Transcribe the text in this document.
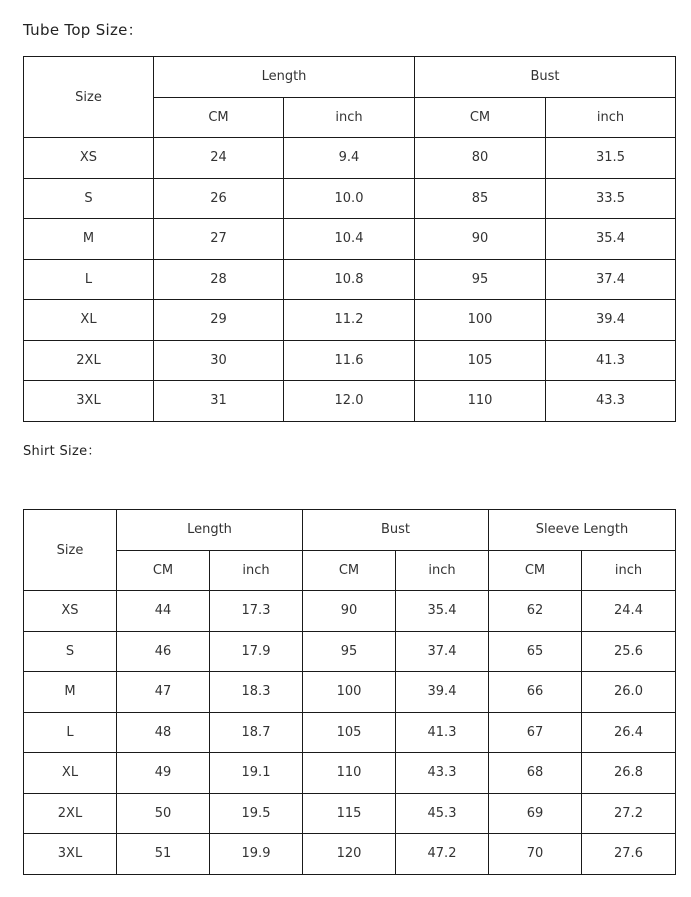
Tube Top Size：
Size	Length		Bust	
	CM	inch	CM	inch
XS	24	9.4	80	31.5
S	26	10.0	85	33.5
M	27	10.4	90	35.4
L	28	10.8	95	37.4
XL	29	11.2	100	39.4
2XL	30	11.6	105	41.3
3XL	31	12.0	110	43.3
Shirt Size：
Size	Length		Bust		Sleeve Length	
	CM	inch	CM	inch	CM	inch
XS	44	17.3	90	35.4	62	24.4
S	46	17.9	95	37.4	65	25.6
M	47	18.3	100	39.4	66	26.0
L	48	18.7	105	41.3	67	26.4
XL	49	19.1	110	43.3	68	26.8
2XL	50	19.5	115	45.3	69	27.2
3XL	51	19.9	120	47.2	70	27.6
